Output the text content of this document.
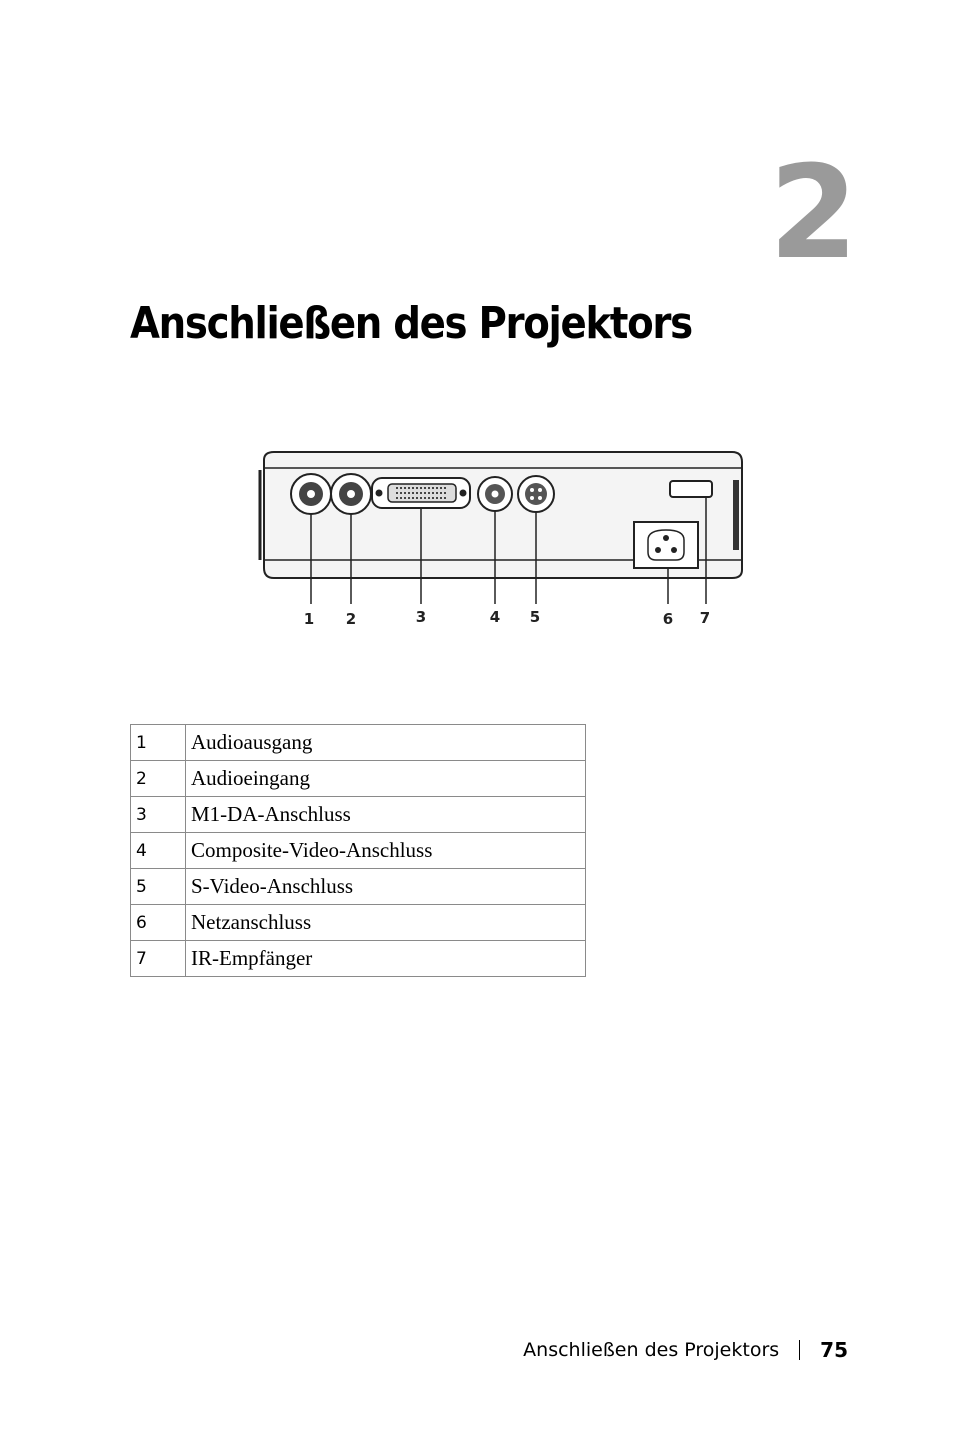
2
Anschließen des Projektors
1 2	3	4 5	6 7
1	Audioausgang
2	Audioeingang
3	M1-DA-Anschluss
4	Composite-Video-Anschluss
5	S-Video-Anschluss
6	Netzanschluss
7	IR-Empfänger
Anschließen des Projektors 75
